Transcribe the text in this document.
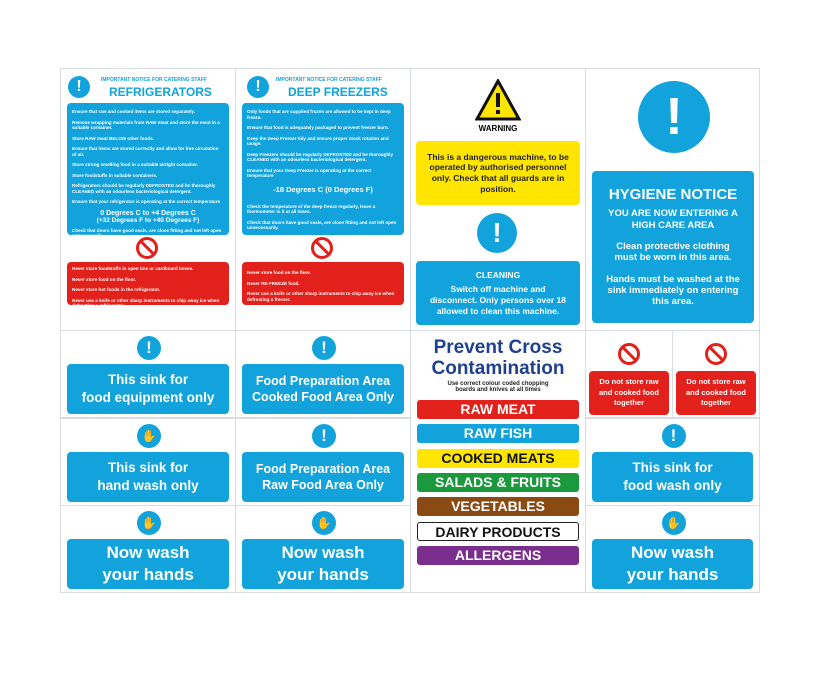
!	IMPORTANT NOTICE FOR CATERING STAFF
REFRIGERATORS

Ensure that raw and cooked items are stored separately.

Remove wrapping materials from RAW meat and store the meat in a suitable container.

Store RAW meat BELOW other foods.

Ensure that items are stored correctly and allow for free circulation of air.

Store strong smelling food in a suitable airtight container.

Store foodstuffs in suitable containers.

Refrigerators should be regularly DEFROSTED and be thoroughly CLEANED with an odourless bacteriological detergent.

Ensure that your refrigerator is operating at the correct temperature

0 Degrees C to +4 Degrees C
(+32 Degrees F to +40 Degrees F)

Check that doors have good seals, are close fitting and not left open unnecessarily.

Never store foodstuffs in open tins or cardboard boxes.

Never store food on the floor.

Never store hot foods in the refrigerator.

Never use a knife or other sharp instruments to chip away ice when defrosting a refrigerator.

!	IMPORTANT NOTICE FOR CATERING STAFF
DEEP FREEZERS

Only foods that are supplied frozen are allowed to be kept in deep freeze.

Ensure that food is adequately packaged to prevent freezer burn.

Keep the Deep Freezer tidy and ensure proper stock rotation and usage.

Deep Freezers should be regularly DEFROSTED and be thoroughly CLEANED with an odourless bacteriological detergent.

Ensure that your Deep Freezer is operating at the correct temperature

-18 Degrees C (0 Degrees F)

Check the temperature of the deep freeze regularly, leave a thermometer in it at all times.

Check that doors have good seals, are close fitting and not left open unnecessarily.

Never store food on the floor.

Never RE-FREEZE food.

Never use a knife or other sharp instruments to chip away ice when defrosting a freezer.

WARNING
This is a dangerous machine, to be operated by authorised personnel only. Check that all guards are in position.
!
CLEANING
Switch off machine and disconnect. Only persons over 18 allowed to clean this machine.
!
HYGIENE NOTICE
YOU ARE NOW ENTERING A HIGH CARE AREA
Clean protective clothing must be worn in this area.
Hands must be washed at the sink immediately on entering this area.
!
This sink for
food equipment only
!
Food Preparation Area
Cooked Food Area Only
✋
This sink for
hand wash only
!
Food Preparation Area
Raw Food Area Only
✋
Now wash
your hands
✋
Now wash
your hands
!
This sink for
food wash only
✋
Now wash
your hands
Do not store raw and cooked food together
Do not store raw and cooked food together
Prevent Cross
Contamination
Use correct colour coded chopping boards and knives at all times
RAW MEAT
RAW FISH
COOKED MEATS
SALADS & FRUITS
VEGETABLES
DAIRY PRODUCTS
ALLERGENS
